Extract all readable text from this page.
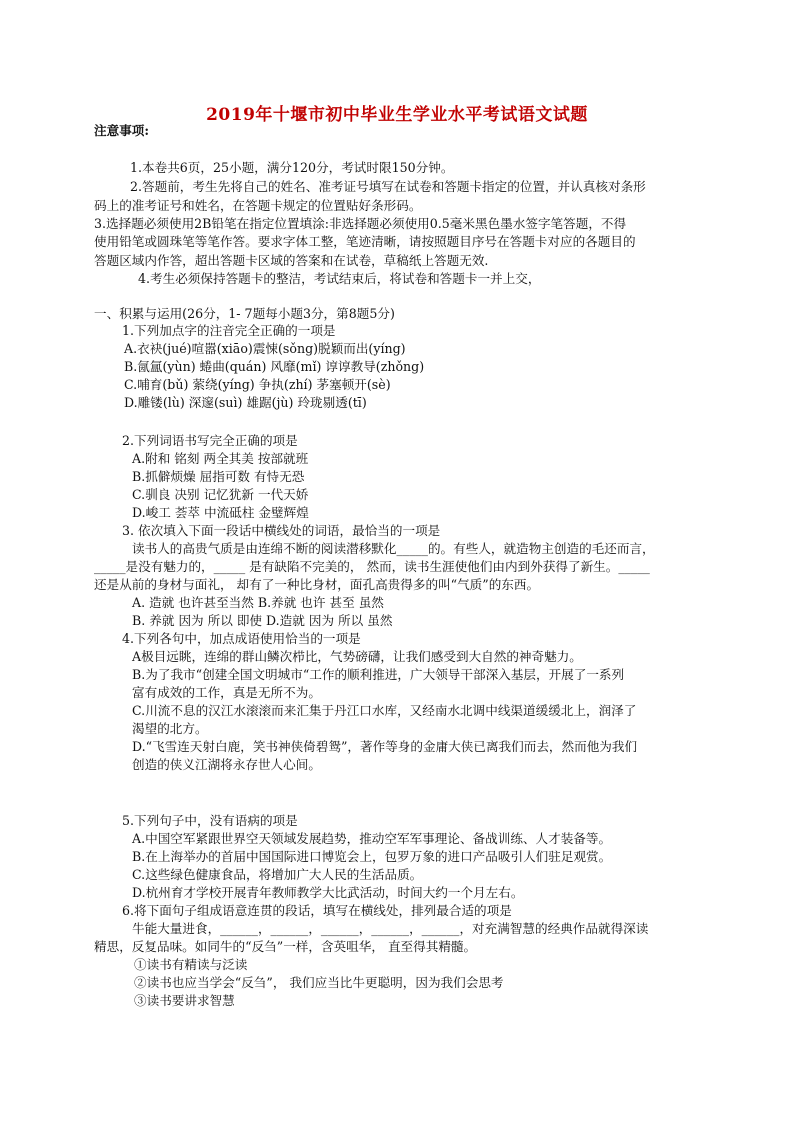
2019年十堰市初中毕业生学业水平考试语文试题
注意事项:
1.本卷共6页，25小题，满分120分，考试时限150分钟。
2.答题前，考生先将自己的姓名、准考证号填写在试卷和答题卡指定的位置，并认真核对条形
码上的准考证号和姓名，在答题卡规定的位置贴好条形码。
3.选择题必须使用2B铅笔在指定位置填涂:非选择题必须使用0.5毫米黑色墨水签字笔答题，不得
使用铅笔或圆珠笔等笔作答。要求字体工整，笔迹清晰，请按照题目序号在答题卡对应的各题目的
答题区域内作答，超出答题卡区域的答案和在试卷，草稿纸上答题无效.
4.考生必须保持答题卡的整洁，考试结束后，将试卷和答题卡一并上交，
一、积累与运用(26分，1- 7题每小题3分，第8题5分)
1.下列加点字的注音完全正确的一项是
A.衣袂(jué)喧嚣(xiāo)震悚(sǒng)脱颖而出(yíng)
B.氤氲(yùn) 蜷曲(quán) 风靡(mǐ) 谆谆教导(zhǒng)
C.哺育(bǔ) 萦绕(yíng) 争执(zhí) 茅塞顿开(sè)
D.雕镂(lù) 深邃(suì) 雄踞(jù) 玲珑剔透(tī)
2.下列词语书写完全正确的项是
A.附和 铭刻 两全其美 按部就班
B.抓僻烦燥 屈指可数 有恃无恐
C.驯良 决别 记忆犹新 一代天娇
D.峻工 荟萃 中流砥柱 金璧辉煌
3. 依次填入下面一段话中横线处的词语，最恰当的一项是
读书人的高贵气质是由连绵不断的阅读潜移默化_____的。有些人，就造物主创造的毛还而言，
_____是没有魅力的，_____ 是有缺陷不完美的， 然而，读书生涯使他们由内到外获得了新生。_____
还是从前的身材与面礼， 却有了一种比身材，面孔高贵得多的叫“气质”的东西。
A. 造就 也许甚至当然 B.养就 也许 甚至 虽然
B. 养就 因为 所以 即使 D.造就 因为 所以 虽然
4.下列各句中，加点成语使用恰当的一项是
A极目远眺，连绵的群山鳞次栉比，气势磅礴，让我们感受到大自然的神奇魅力。
B.为了我市“创建全国文明城市“工作的顺利推进，广大领导干部深入基层，开展了一系列
富有成效的工作，真是无所不为。
C.川流不息的汉江水滚滚而来汇集于丹江口水库，又经南水北调中线渠道缓缓北上，润泽了
渴望的北方。
D.“飞雪连天射白鹿，笑书神侠倚碧鸳”，著作等身的金庸大侠已离我们而去，然而他为我们
创造的侠义江湖将永存世人心间。
5.下列句子中，没有语病的项是
A.中国空军紧跟世界空天领域发展趋势，推动空军军事理论、备战训练、人才装备等。
B.在上海举办的首届中国国际进口博览会上，包罗万象的进口产品吸引人们驻足观赏。
C.这些绿色健康食品，将增加广大人民的生活品质。
D.杭州育才学校开展青年教师教学大比武活动，时间大约一个月左右。
6.将下面句子组成语意连贯的段话，填写在横线处，排列最合适的项是
牛能大量进食，______，______，______，______，______，对充满智慧的经典作品就得深读
精思，反复品味。如同牛的“反刍”一样，含英咀华， 直至得其精髓。
①读书有精读与泛读
②读书也应当学会“反刍”， 我们应当比牛更聪明，因为我们会思考
③读书要讲求智慧
